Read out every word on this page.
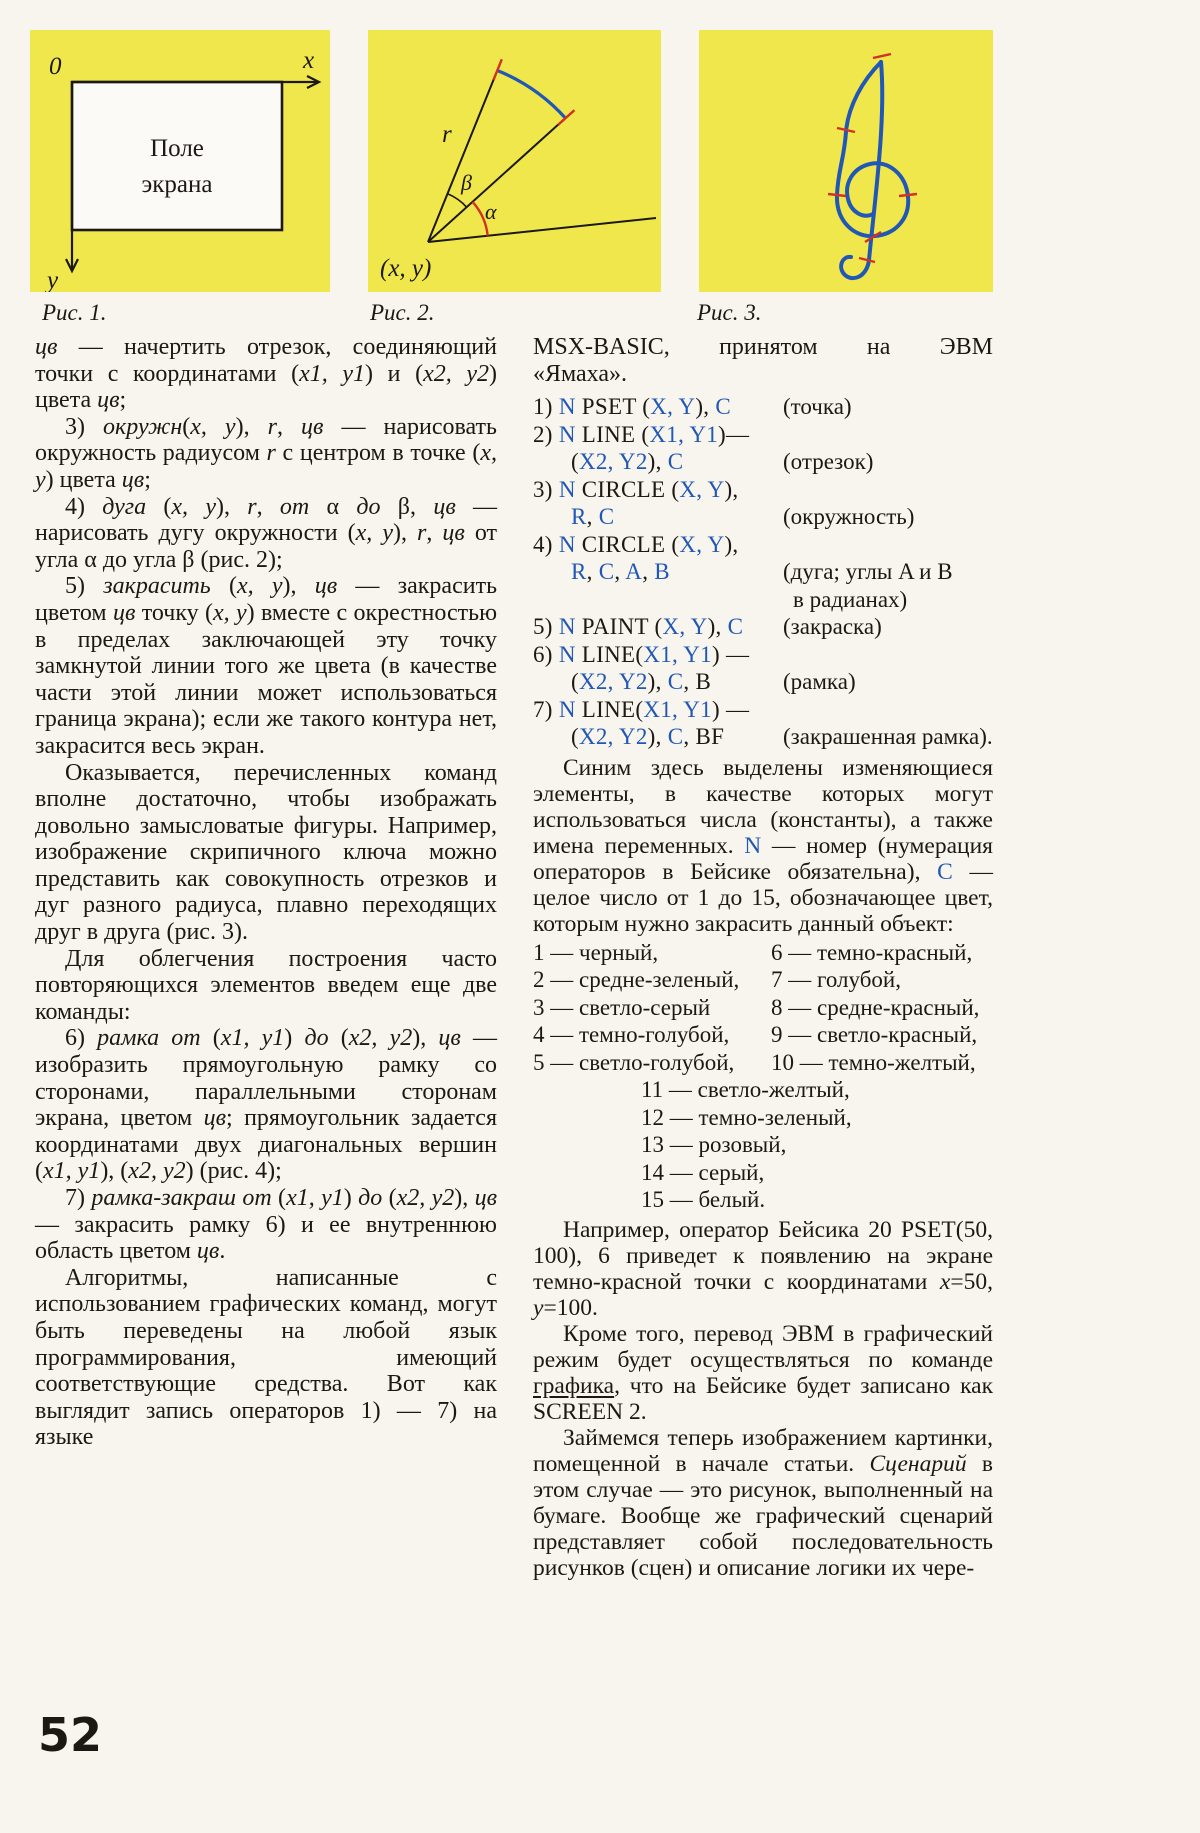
0	x
y
Поле
экрана
r
β
α
(x, y)
Рис. 1.	Рис. 2.	Рис. 3.

цв — начертить отрезок, соединяющий точки с координатами (x1, y1) и (x2, y2) цвета цв;

3) окружн(x, y), r, цв — нарисовать окружность радиусом r с центром в точке (x, y) цвета цв;

4) дуга (x, y), r, от α до β, цв — нарисовать дугу окружности (x, y), r, цв от угла α до угла β (рис. 2);

5) закрасить (x, y), цв — закрасить цветом цв точку (x, y) вместе с окрестностью в пределах заключающей эту точку замкнутой линии того же цвета (в качестве части этой линии может использоваться граница экрана); если же такого контура нет, закрасится весь экран.

Оказывается, перечисленных команд вполне достаточно, чтобы изображать довольно замысловатые фигуры. Например, изображение скрипичного ключа можно представить как совокупность отрезков и дуг разного радиуса, плавно переходящих друг в друга (рис. 3).

Для облегчения построения часто повторяющихся элементов введем еще две команды:

6) рамка от (x1, y1) до (x2, y2), цв — изобразить прямоугольную рамку со сторонами, параллельными сторонам экрана, цветом цв; прямоугольник задается координатами двух диагональных вершин (x1, y1), (x2, y2) (рис. 4);

7) рамка-закраш от (x1, y1) до (x2, y2), цв — закрасить рамку 6) и ее внутреннюю область цветом цв.

Алгоритмы, написанные с использованием графических команд, могут быть переведены на любой язык программирования, имеющий соответствующие средства. Вот как выглядит запись операторов 1) — 7) на языке

MSX-BASIC, принятом на ЭВМ
«Ямаха».
1) N PSET (X, Y), C (точка)
2) N LINE (X1, Y1)—
(X2, Y2), C	(отрезок)
3) N CIRCLE (X, Y),
R, C	(окружность)
4) N CIRCLE (X, Y),
R, C, A, B	(дуга; углы A и B
в радианах)
5) N PAINT (X, Y), C (закраска)
6) N LINE(X1, Y1) —
(X2, Y2), C, B	(рамка)
7) N LINE(X1, Y1) —
(X2, Y2), C, BF	(закрашенная рамка).

Синим здесь выделены изменяющиеся элементы, в качестве которых могут использоваться числа (константы), а также имена переменных. N — номер (нумерация операторов в Бейсике обязательна), C — целое число от 1 до 15, обозначающее цвет, которым нужно закрасить данный объект:

1 — черный,	6 — темно-красный,
2 — средне-зеленый, 7 — голубой,
3 — светло-серый	8 — средне-красный,
4 — темно-голубой, 9 — светло-красный,
5 — светло-голубой, 10 — темно-желтый,
11 — светло-желтый,
12 — темно-зеленый,
13 — розовый,
14 — серый,
15 — белый.

Например, оператор Бейсика 20 PSET(50, 100), 6 приведет к появлению на экране темно-красной точки с координатами x=50, y=100.

Кроме того, перевод ЭВМ в графический режим будет осуществляться по команде графика, что на Бейсике будет записано как SCREEN 2.

Займемся теперь изображением картинки, помещенной в начале статьи. Сценарий в этом случае — это рисунок, выполненный на бумаге. Вообще же графический сценарий представляет собой последовательность рисунков (сцен) и описание логики их чере-

52
